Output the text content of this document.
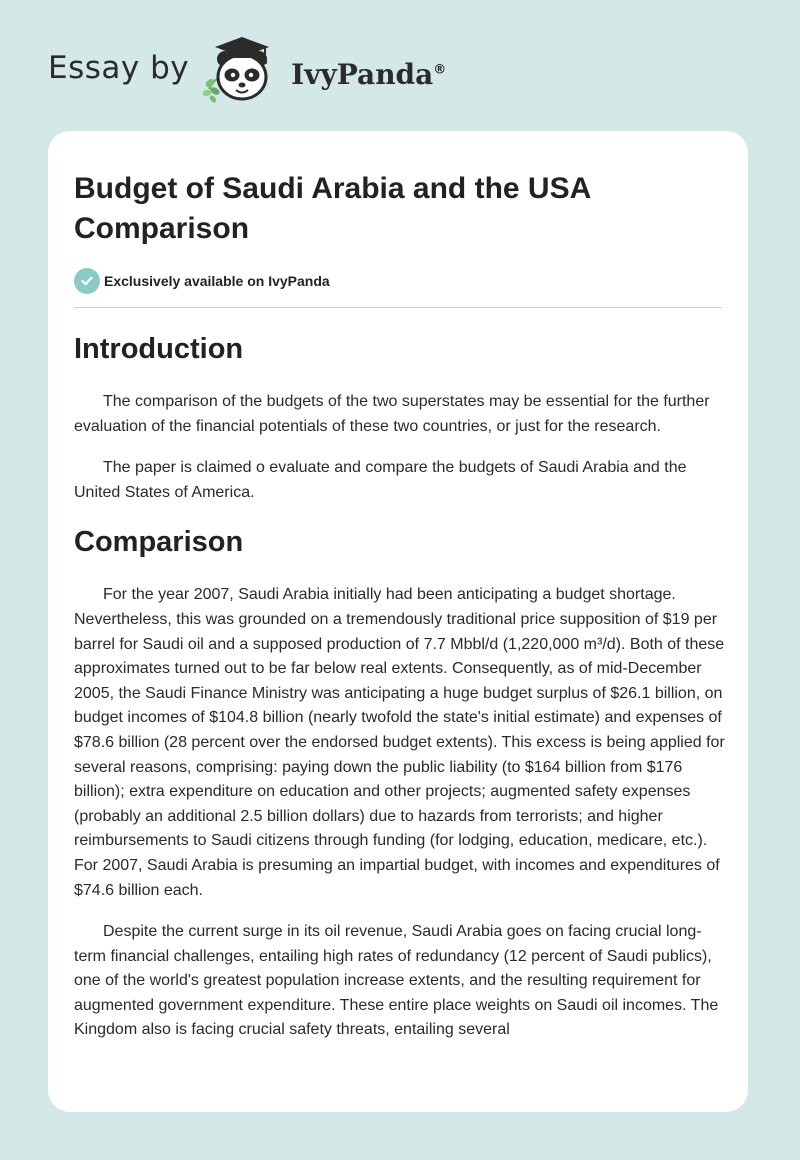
Essay by	IvyPanda®
Budget of Saudi Arabia and the USA Comparison
Exclusively available on IvyPanda
Introduction

The comparison of the budgets of the two superstates may be essential for the further evaluation of the financial potentials of these two countries, or just for the research.

The paper is claimed o evaluate and compare the budgets of Saudi Arabia and the United States of America.

Comparison

For the year 2007, Saudi Arabia initially had been anticipating a budget shortage. Nevertheless, this was grounded on a tremendously traditional price supposition of $19 per barrel for Saudi oil and a supposed production of 7.7 Mbbl/d (1,220,000 m³/d). Both of these approximates turned out to be far below real extents. Consequently, as of mid-December 2005, the Saudi Finance Ministry was anticipating a huge budget surplus of $26.1 billion, on budget incomes of $104.8 billion (nearly twofold the state's initial estimate) and expenses of $78.6 billion (28 percent over the endorsed budget extents). This excess is being applied for several reasons, comprising: paying down the public liability (to $164 billion from $176 billion); extra expenditure on education and other projects; augmented safety expenses (probably an additional 2.5 billion dollars) due to hazards from terrorists; and higher reimbursements to Saudi citizens through funding (for lodging, education, medicare, etc.). For 2007, Saudi Arabia is presuming an impartial budget, with incomes and expenditures of $74.6 billion each.

Despite the current surge in its oil revenue, Saudi Arabia goes on facing crucial long-term financial challenges, entailing high rates of redundancy (12 percent of Saudi publics), one of the world's greatest population increase extents, and the resulting requirement for augmented government expenditure. These entire place weights on Saudi oil incomes. The Kingdom also is facing crucial safety threats, entailing several
